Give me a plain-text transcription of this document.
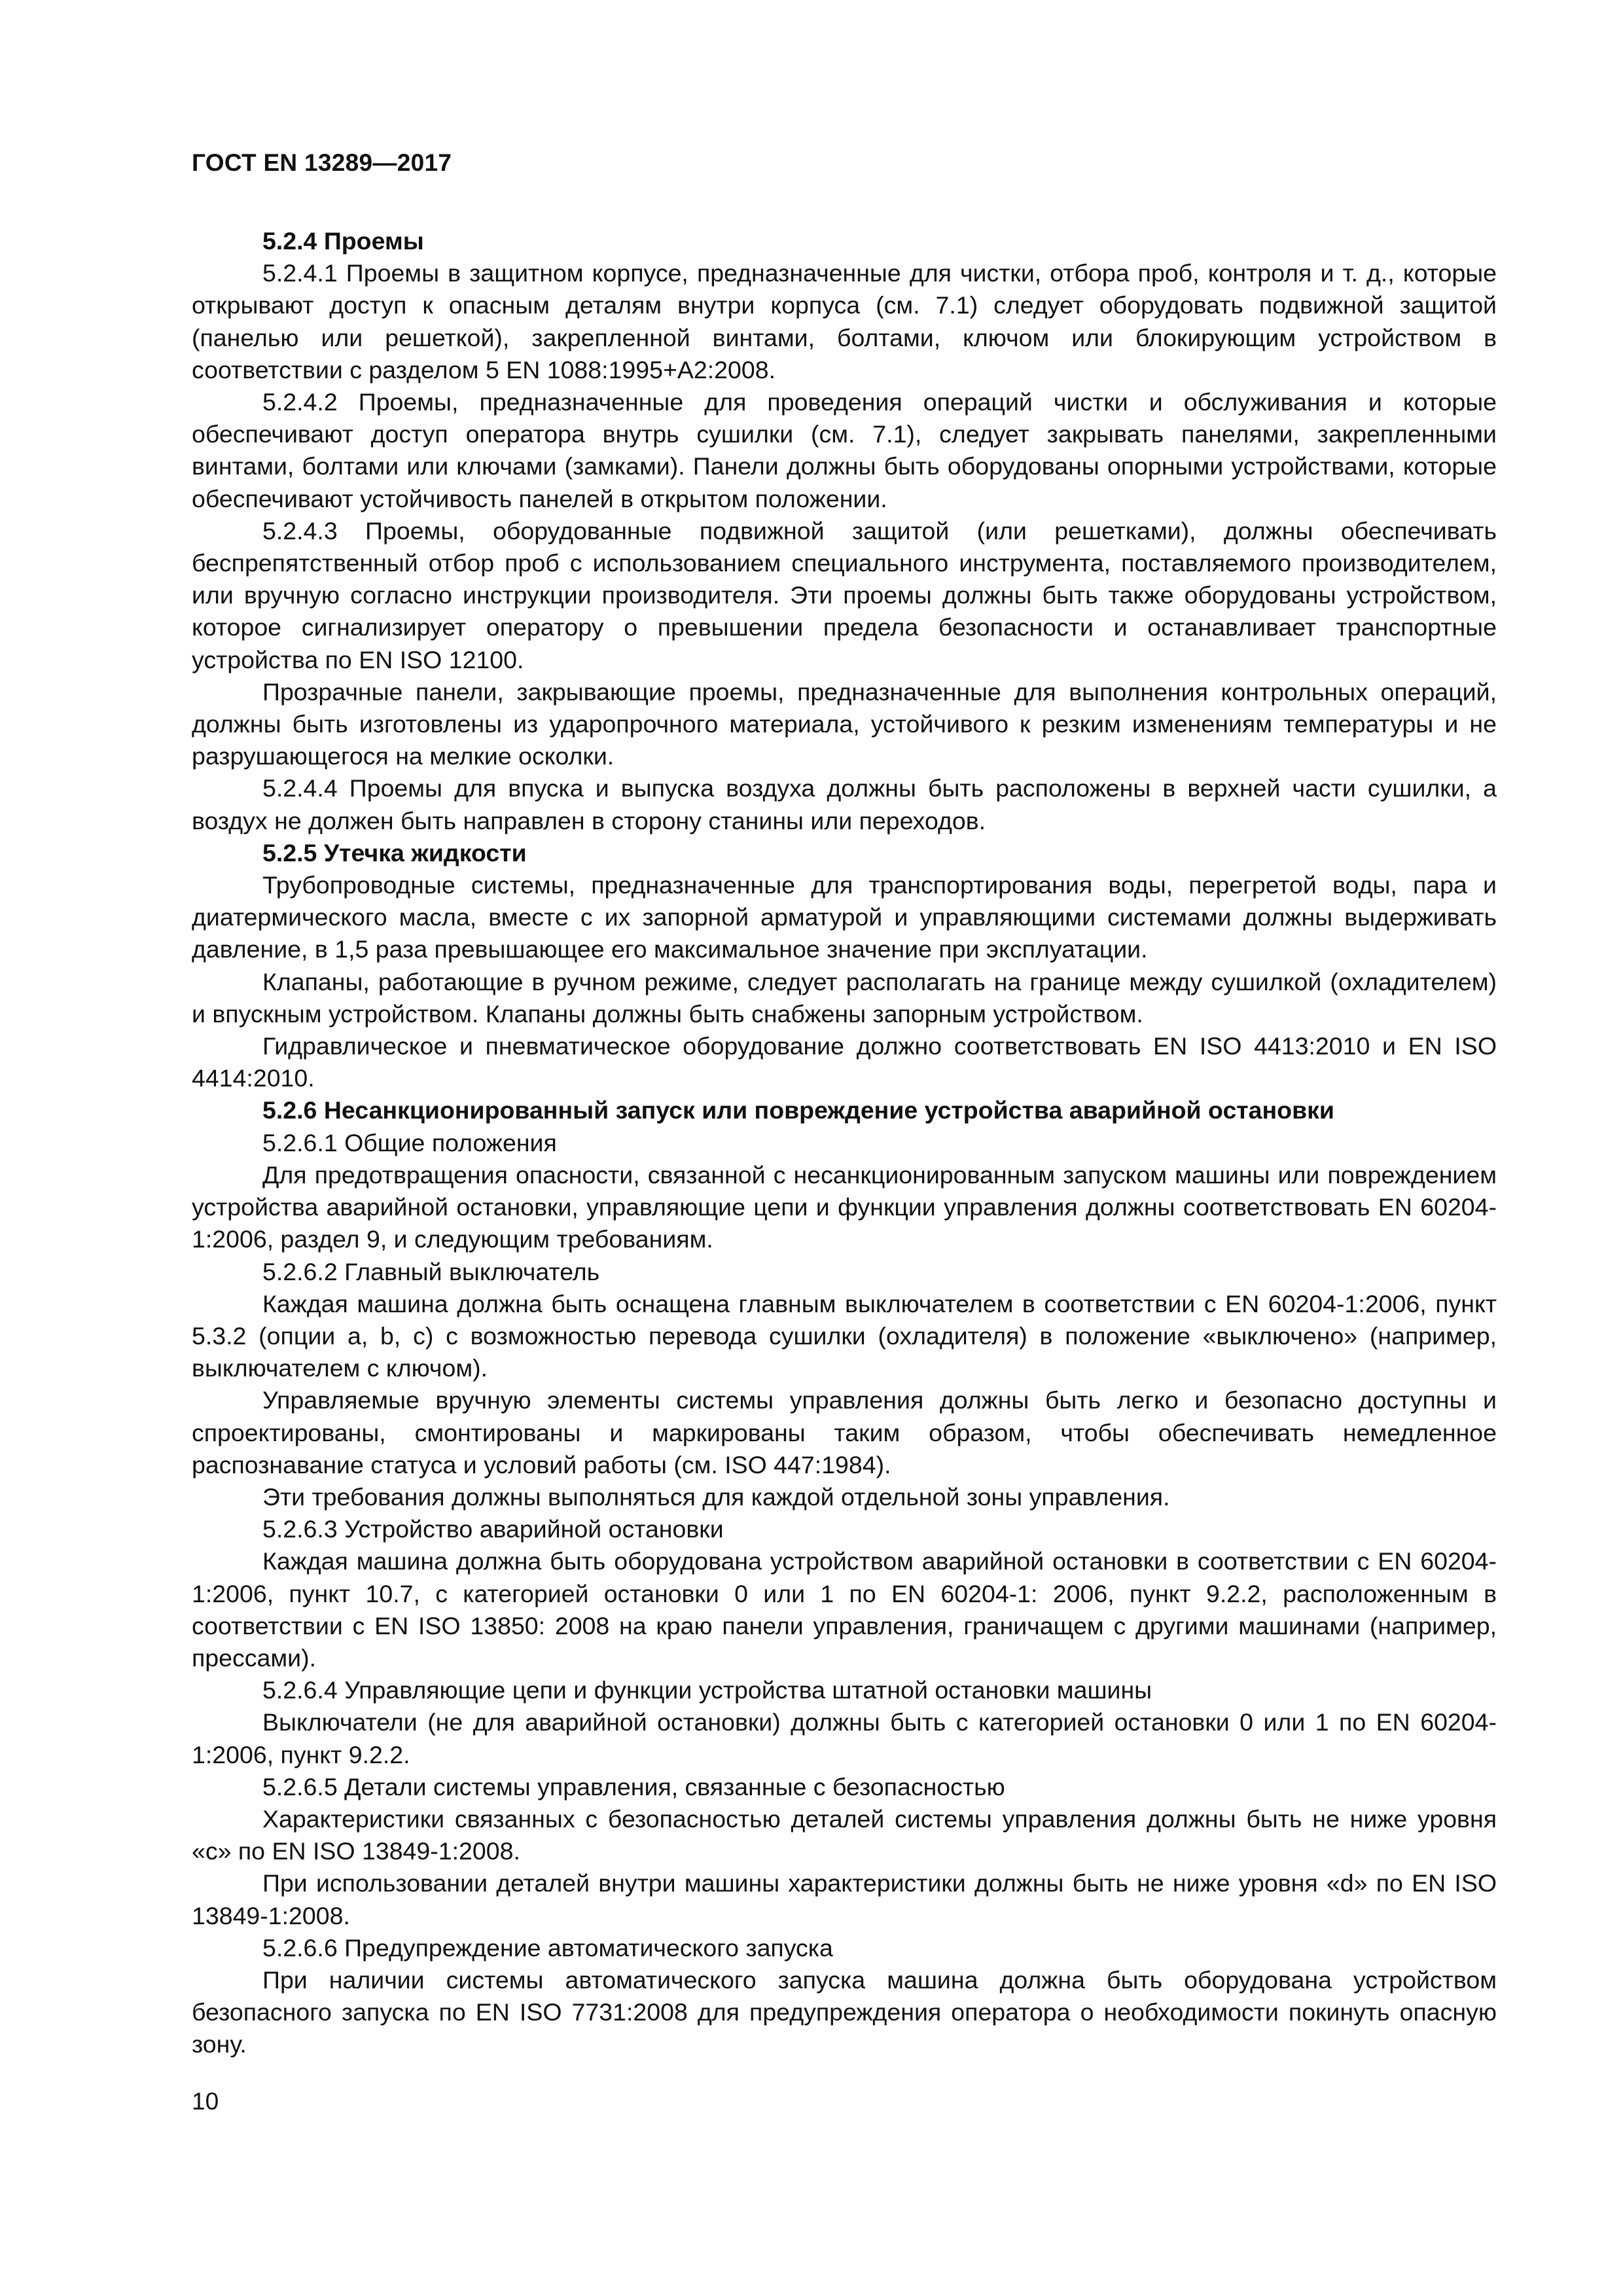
ГОСТ EN 13289—2017

5.2.4 Проемы

5.2.4.1 Проемы в защитном корпусе, предназначенные для чистки, отбора проб, контроля и т. д., которые открывают доступ к опасным деталям внутри корпуса (см. 7.1) следует оборудовать подвижной защитой (панелью или решеткой), закрепленной винтами, болтами, ключом или блокирующим устройством в соответствии с разделом 5 EN 1088:1995+A2:2008.

5.2.4.2 Проемы, предназначенные для проведения операций чистки и обслуживания и которые обеспечивают доступ оператора внутрь сушилки (см. 7.1), следует закрывать панелями, закрепленными винтами, болтами или ключами (замками). Панели должны быть оборудованы опорными устройствами, которые обеспечивают устойчивость панелей в открытом положении.

5.2.4.3 Проемы, оборудованные подвижной защитой (или решетками), должны обеспечивать беспрепятственный отбор проб с использованием специального инструмента, поставляемого производителем, или вручную согласно инструкции производителя. Эти проемы должны быть также оборудованы устройством, которое сигнализирует оператору о превышении предела безопасности и останавливает транспортные устройства по EN ISO 12100.

Прозрачные панели, закрывающие проемы, предназначенные для выполнения контрольных операций, должны быть изготовлены из ударопрочного материала, устойчивого к резким изменениям температуры и не разрушающегося на мелкие осколки.

5.2.4.4 Проемы для впуска и выпуска воздуха должны быть расположены в верхней части сушилки, а воздух не должен быть направлен в сторону станины или переходов.

5.2.5 Утечка жидкости

Трубопроводные системы, предназначенные для транспортирования воды, перегретой воды, пара и диатермического масла, вместе с их запорной арматурой и управляющими системами должны выдерживать давление, в 1,5 раза превышающее его максимальное значение при эксплуатации.

Клапаны, работающие в ручном режиме, следует располагать на границе между сушилкой (охладителем) и впускным устройством. Клапаны должны быть снабжены запорным устройством.

Гидравлическое и пневматическое оборудование должно соответствовать EN ISO 4413:2010 и EN ISO 4414:2010.

5.2.6 Несанкционированный запуск или повреждение устройства аварийной остановки

5.2.6.1 Общие положения

Для предотвращения опасности, связанной с несанкционированным запуском машины или повреждением устройства аварийной остановки, управляющие цепи и функции управления должны соответствовать EN 60204-1:2006, раздел 9, и следующим требованиям.

5.2.6.2 Главный выключатель

Каждая машина должна быть оснащена главным выключателем в соответствии с EN 60204-1:2006, пункт 5.3.2 (опции a, b, c) с возможностью перевода сушилки (охладителя) в положение «выключено» (например, выключателем с ключом).

Управляемые вручную элементы системы управления должны быть легко и безопасно доступны и спроектированы, смонтированы и маркированы таким образом, чтобы обеспечивать немедленное распознавание статуса и условий работы (см. ISO 447:1984).

Эти требования должны выполняться для каждой отдельной зоны управления.

5.2.6.3 Устройство аварийной остановки

Каждая машина должна быть оборудована устройством аварийной остановки в соответствии с EN 60204-1:2006, пункт 10.7, с категорией остановки 0 или 1 по EN 60204-1: 2006, пункт 9.2.2, расположенным в соответствии с EN ISO 13850: 2008 на краю панели управления, граничащем с другими машинами (например, прессами).

5.2.6.4 Управляющие цепи и функции устройства штатной остановки машины

Выключатели (не для аварийной остановки) должны быть с категорией остановки 0 или 1 по EN 60204-1:2006, пункт 9.2.2.

5.2.6.5 Детали системы управления, связанные с безопасностью

Характеристики связанных с безопасностью деталей системы управления должны быть не ниже уровня «с» по EN ISO 13849-1:2008.

При использовании деталей внутри машины характеристики должны быть не ниже уровня «d» по EN ISO 13849-1:2008.

5.2.6.6 Предупреждение автоматического запуска

При наличии системы автоматического запуска машина должна быть оборудована устройством безопасного запуска по EN ISO 7731:2008 для предупреждения оператора о необходимости покинуть опасную зону.

10
